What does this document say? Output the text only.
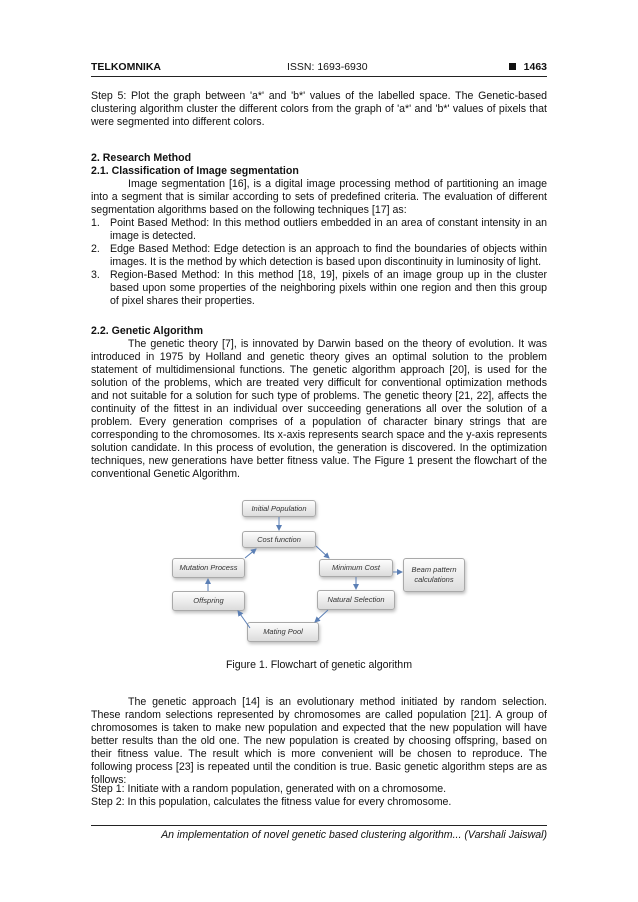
TELKOMNIKA	ISSN: 1693-6930	1463

Step 5: Plot the graph between 'a*' and 'b*' values of the labelled space. The Genetic-based clustering algorithm cluster the different colors from the graph of 'a*' and 'b*' values of pixels that were segmented into different colors.

2. Research Method
2.1. Classification of Image segmentation

Image segmentation [16], is a digital image processing method of partitioning an image into a segment that is similar according to sets of predefined criteria. The evaluation of different segmentation algorithms based on the following techniques [17] as:

1. Point Based Method: In this method outliers embedded in an area of constant intensity in an image is detected.
2. Edge Based Method: Edge detection is an approach to find the boundaries of objects within images. It is the method by which detection is based upon discontinuity in luminosity of light.
3. Region-Based Method: In this method [18, 19], pixels of an image group up in the cluster based upon some properties of the neighboring pixels within one region and then this group of pixel shares their properties.
2.2. Genetic Algorithm

The genetic theory [7], is innovated by Darwin based on the theory of evolution. It was introduced in 1975 by Holland and genetic theory gives an optimal solution to the problem statement of multidimensional functions. The genetic algorithm approach [20], is used for the solution of the problems, which are treated very difficult for conventional optimization methods and not suitable for a solution for such type of problems. The genetic theory [21, 22], affects the continuity of the fittest in an individual over succeeding generations all over the solution of a problem. Every generation comprises of a population of character binary strings that are corresponding to the chromosomes. Its x-axis represents search space and the y-axis represents solution candidate. In this process of evolution, the generation is discovered. In the optimization techniques, new generations have better fitness value. The Figure 1 present the flowchart of the conventional Genetic Algorithm.

Initial Population
Cost function
Minimum Cost	Beam pattern calculations
Natural Selection
Mating Pool
Offspring
Mutation Process
Figure 1. Flowchart of genetic algorithm

The genetic approach [14] is an evolutionary method initiated by random selection. These random selections represented by chromosomes are called population [21]. A group of chromosomes is taken to make new population and expected that the new population will have better results than the old one. The new population is created by choosing offspring, based on their fitness value. The result which is more convenient will be chosen to reproduce. The following process [23] is repeated until the condition is true. Basic genetic algorithm steps are as follows:

Step 1: Initiate with a random population, generated with on a chromosome.

Step 2: In this population, calculates the fitness value for every chromosome.

An implementation of novel genetic based clustering algorithm... (Varshali Jaiswal)
